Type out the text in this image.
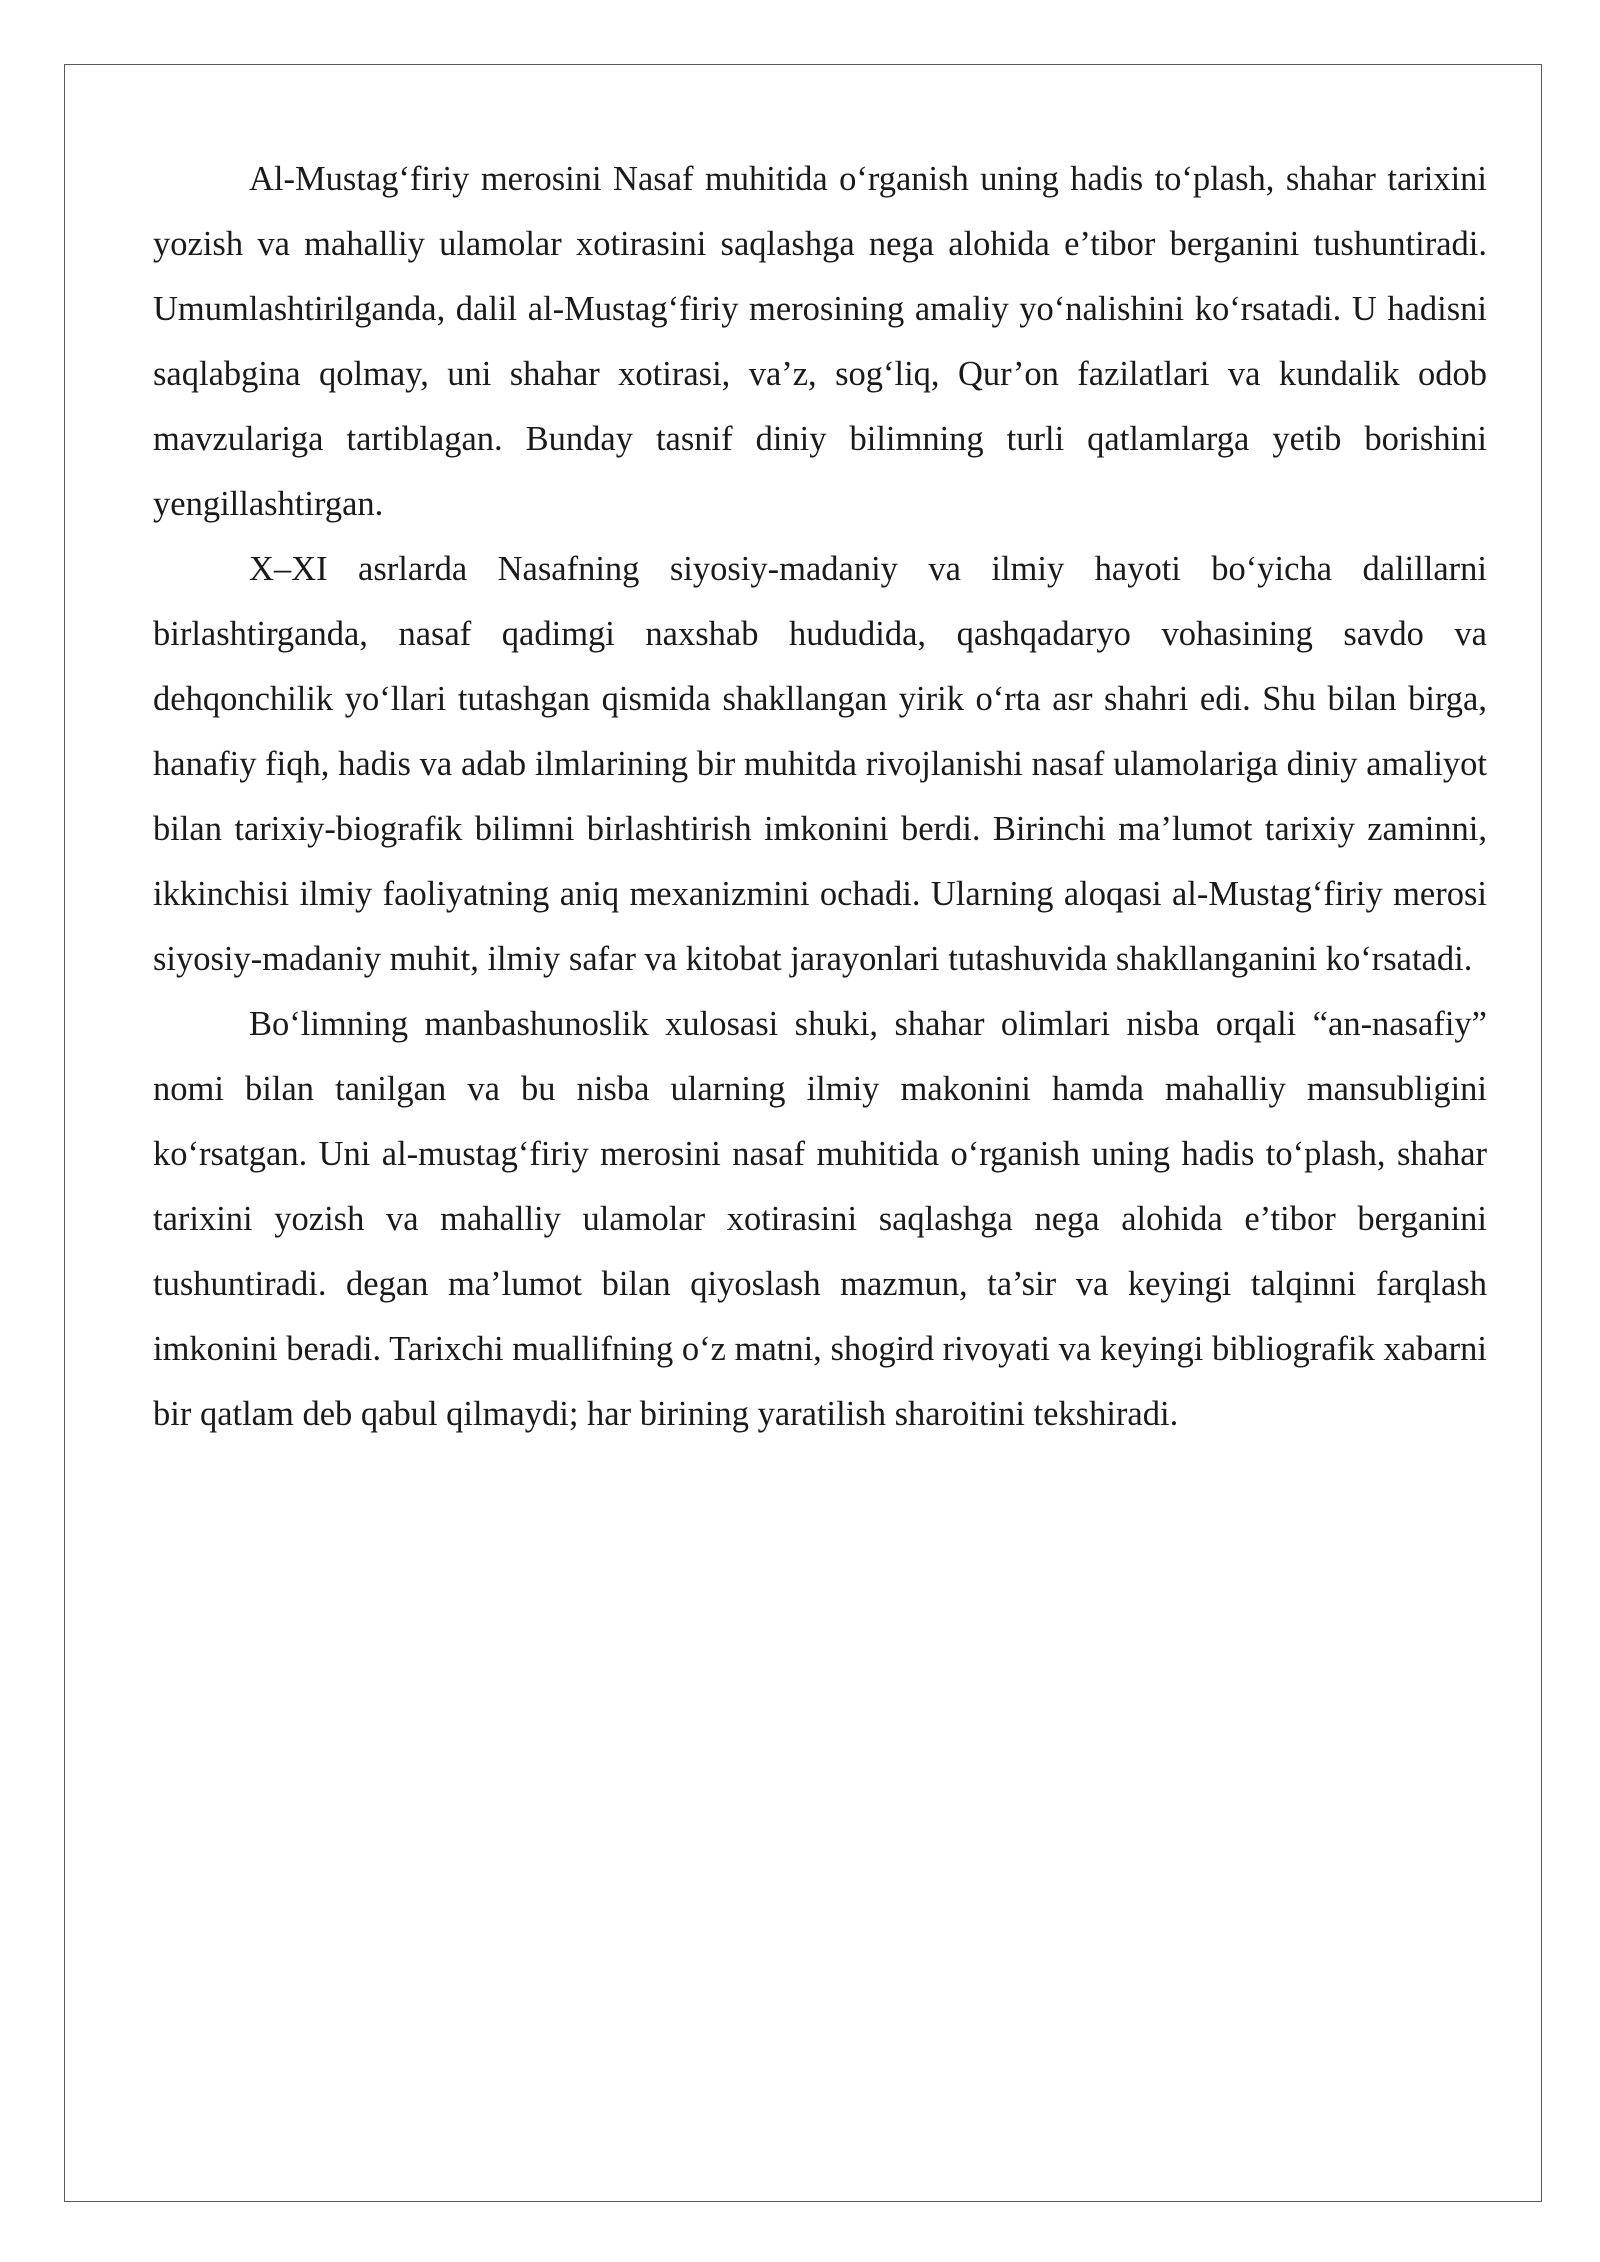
Al-Mustag‘firiy merosini Nasaf muhitida o‘rganish uning hadis to‘plash, shahar tarixini yozish va mahalliy ulamolar xotirasini saqlashga nega alohida e’tibor berganini tushuntiradi. Umumlashtirilganda, dalil al-Mustag‘firiy merosining amaliy yo‘nalishini ko‘rsatadi. U hadisni saqlabgina qolmay, uni shahar xotirasi, va’z, sog‘liq, Qur’on fazilatlari va kundalik odob mavzulariga tartiblagan. Bunday tasnif diniy bilimning turli qatlamlarga yetib borishini yengillashtirgan.

X–XI asrlarda Nasafning siyosiy-madaniy va ilmiy hayoti bo‘yicha dalillarni birlashtirganda, nasaf qadimgi naxshab hududida, qashqadaryo vohasining savdo va dehqonchilik yo‘llari tutashgan qismida shakllangan yirik o‘rta asr shahri edi. Shu bilan birga, hanafiy fiqh, hadis va adab ilmlarining bir muhitda rivojlanishi nasaf ulamolariga diniy amaliyot bilan tarixiy-biografik bilimni birlashtirish imkonini berdi. Birinchi ma’lumot tarixiy zaminni, ikkinchisi ilmiy faoliyatning aniq mexanizmini ochadi. Ularning aloqasi al-Mustag‘firiy merosi siyosiy-madaniy muhit, ilmiy safar va kitobat jarayonlari tutashuvida shakllanganini ko‘rsatadi.

Bo‘limning manbashunoslik xulosasi shuki, shahar olimlari nisba orqali “an-nasafiy” nomi bilan tanilgan va bu nisba ularning ilmiy makonini hamda mahalliy mansubligini ko‘rsatgan. Uni al-mustag‘firiy merosini nasaf muhitida o‘rganish uning hadis to‘plash, shahar tarixini yozish va mahalliy ulamolar xotirasini saqlashga nega alohida e’tibor berganini tushuntiradi. degan ma’lumot bilan qiyoslash mazmun, ta’sir va keyingi talqinni farqlash imkonini beradi. Tarixchi muallifning o‘z matni, shogird rivoyati va keyingi bibliografik xabarni bir qatlam deb qabul qilmaydi; har birining yaratilish sharoitini tekshiradi.
